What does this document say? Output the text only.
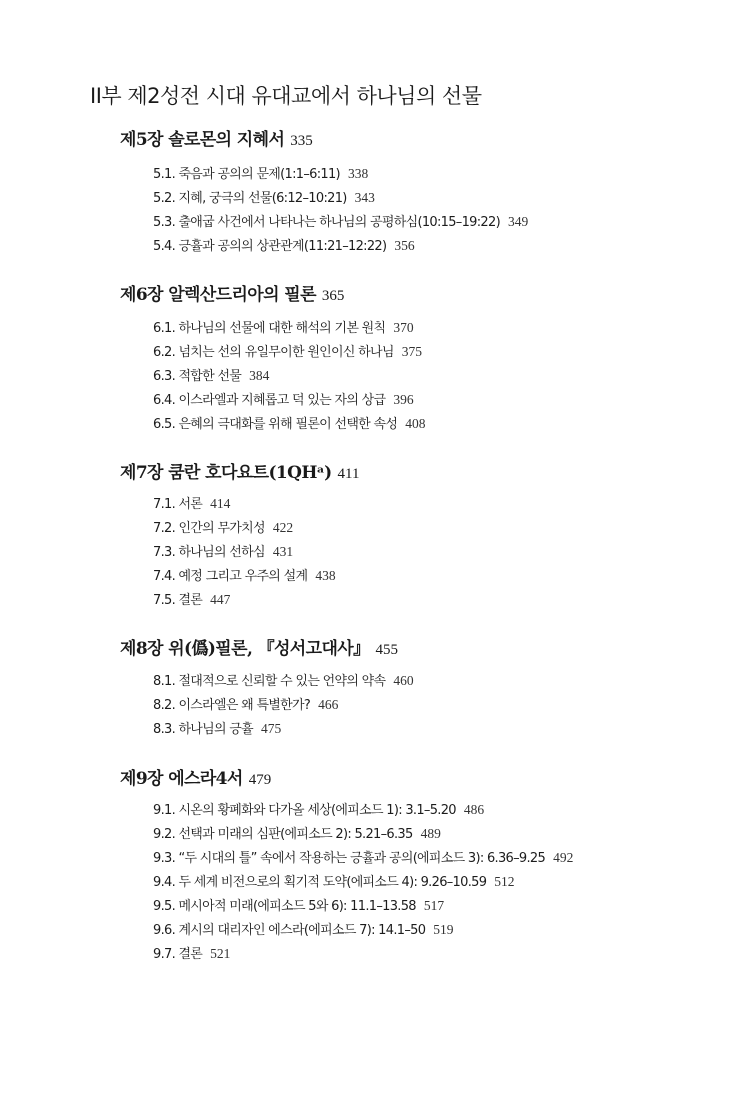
II부 제2성전 시대 유대교에서 하나님의 선물
제5장 솔로몬의 지혜서 335
5.1. 죽음과 공의의 문제(1:1–6:11) 338
5.2. 지혜, 궁극의 선물(6:12–10:21) 343
5.3. 출애굽 사건에서 나타나는 하나님의 공평하심(10:15–19:22) 349
5.4. 긍휼과 공의의 상관관계(11:21–12:22) 356
제6장 알렉산드리아의 필론 365
6.1. 하나님의 선물에 대한 해석의 기본 원칙 370
6.2. 넘치는 선의 유일무이한 원인이신 하나님 375
6.3. 적합한 선물 384
6.4. 이스라엘과 지혜롭고 덕 있는 자의 상급 396
6.5. 은혜의 극대화를 위해 필론이 선택한 속성 408
제7장 쿰란 호다요트(1QHᵃ) 411
7.1. 서론 414
7.2. 인간의 무가치성 422
7.3. 하나님의 선하심 431
7.4. 예정 그리고 우주의 설계 438
7.5. 결론 447
제8장 위(僞)필론, 『성서고대사』 455
8.1. 절대적으로 신뢰할 수 있는 언약의 약속 460
8.2. 이스라엘은 왜 특별한가? 466
8.3. 하나님의 긍휼 475
제9장 에스라4서 479
9.1. 시온의 황폐화와 다가올 세상(에피소드 1): 3.1–5.20 486
9.2. 선택과 미래의 심판(에피소드 2): 5.21–6.35 489
9.3. “두 시대의 틀” 속에서 작용하는 긍휼과 공의(에피소드 3): 6.36–9.25 492
9.4. 두 세계 비전으로의 획기적 도약(에피소드 4): 9.26–10.59 512
9.5. 메시아적 미래(에피소드 5와 6): 11.1–13.58 517
9.6. 계시의 대리자인 에스라(에피소드 7): 14.1–50 519
9.7. 결론 521
